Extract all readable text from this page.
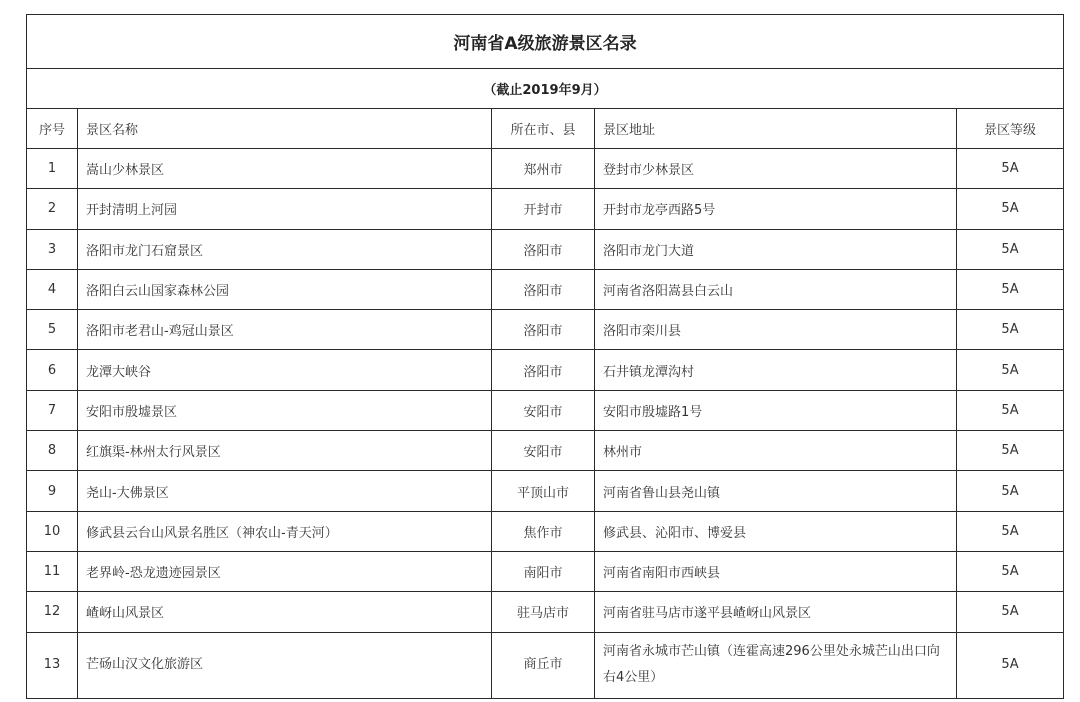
河南省A级旅游景区名录				
（截止2019年9月）				
序号	景区名称	所在市、县	景区地址	景区等级
1	嵩山少林景区	郑州市	登封市少林景区	5A
2	开封清明上河园	开封市	开封市龙亭西路5号	5A
3	洛阳市龙门石窟景区	洛阳市	洛阳市龙门大道	5A
4	洛阳白云山国家森林公园	洛阳市	河南省洛阳嵩县白云山	5A
5	洛阳市老君山-鸡冠山景区	洛阳市	洛阳市栾川县	5A
6	龙潭大峡谷	洛阳市	石井镇龙潭沟村	5A
7	安阳市殷墟景区	安阳市	安阳市殷墟路1号	5A
8	红旗渠-林州太行风景区	安阳市	林州市	5A
9	尧山-大佛景区	平顶山市	河南省鲁山县尧山镇	5A
10	修武县云台山风景名胜区（神农山-青天河）	焦作市	修武县、沁阳市、博爱县	5A
11	老界岭-恐龙遗迹园景区	南阳市	河南省南阳市西峡县	5A
12	嵖岈山风景区	驻马店市	河南省驻马店市遂平县嵖岈山风景区	5A
13	芒砀山汉文化旅游区	商丘市	河南省永城市芒山镇（连霍高速296公里处永城芒山出口向右4公里）	5A
